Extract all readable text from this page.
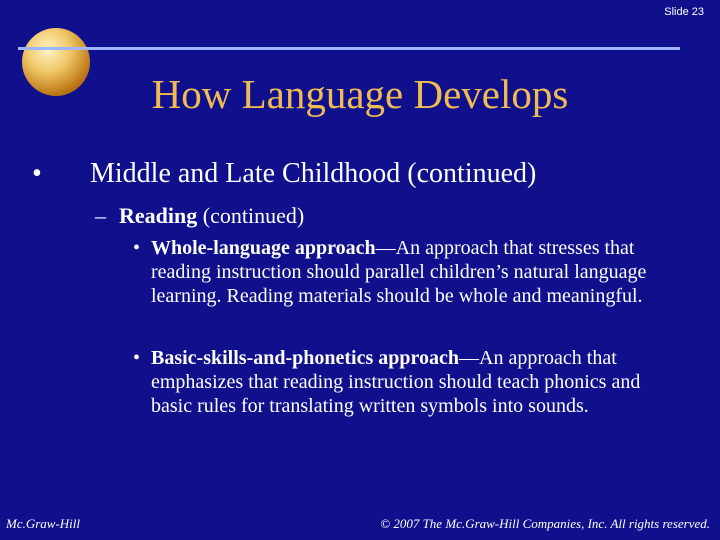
Slide 23
How Language Develops
• Middle and Late Childhood (continued)
– Reading (continued)
• Whole-language approach—An approach that stresses that reading instruction should parallel children’s natural language learning. Reading materials should be whole and meaningful.
• Basic-skills-and-phonetics approach—An approach that emphasizes that reading instruction should teach phonics and basic rules for translating written symbols into sounds.
Mc.Graw-Hill	© 2007 The Mc.Graw-Hill Companies, Inc. All rights reserved.
